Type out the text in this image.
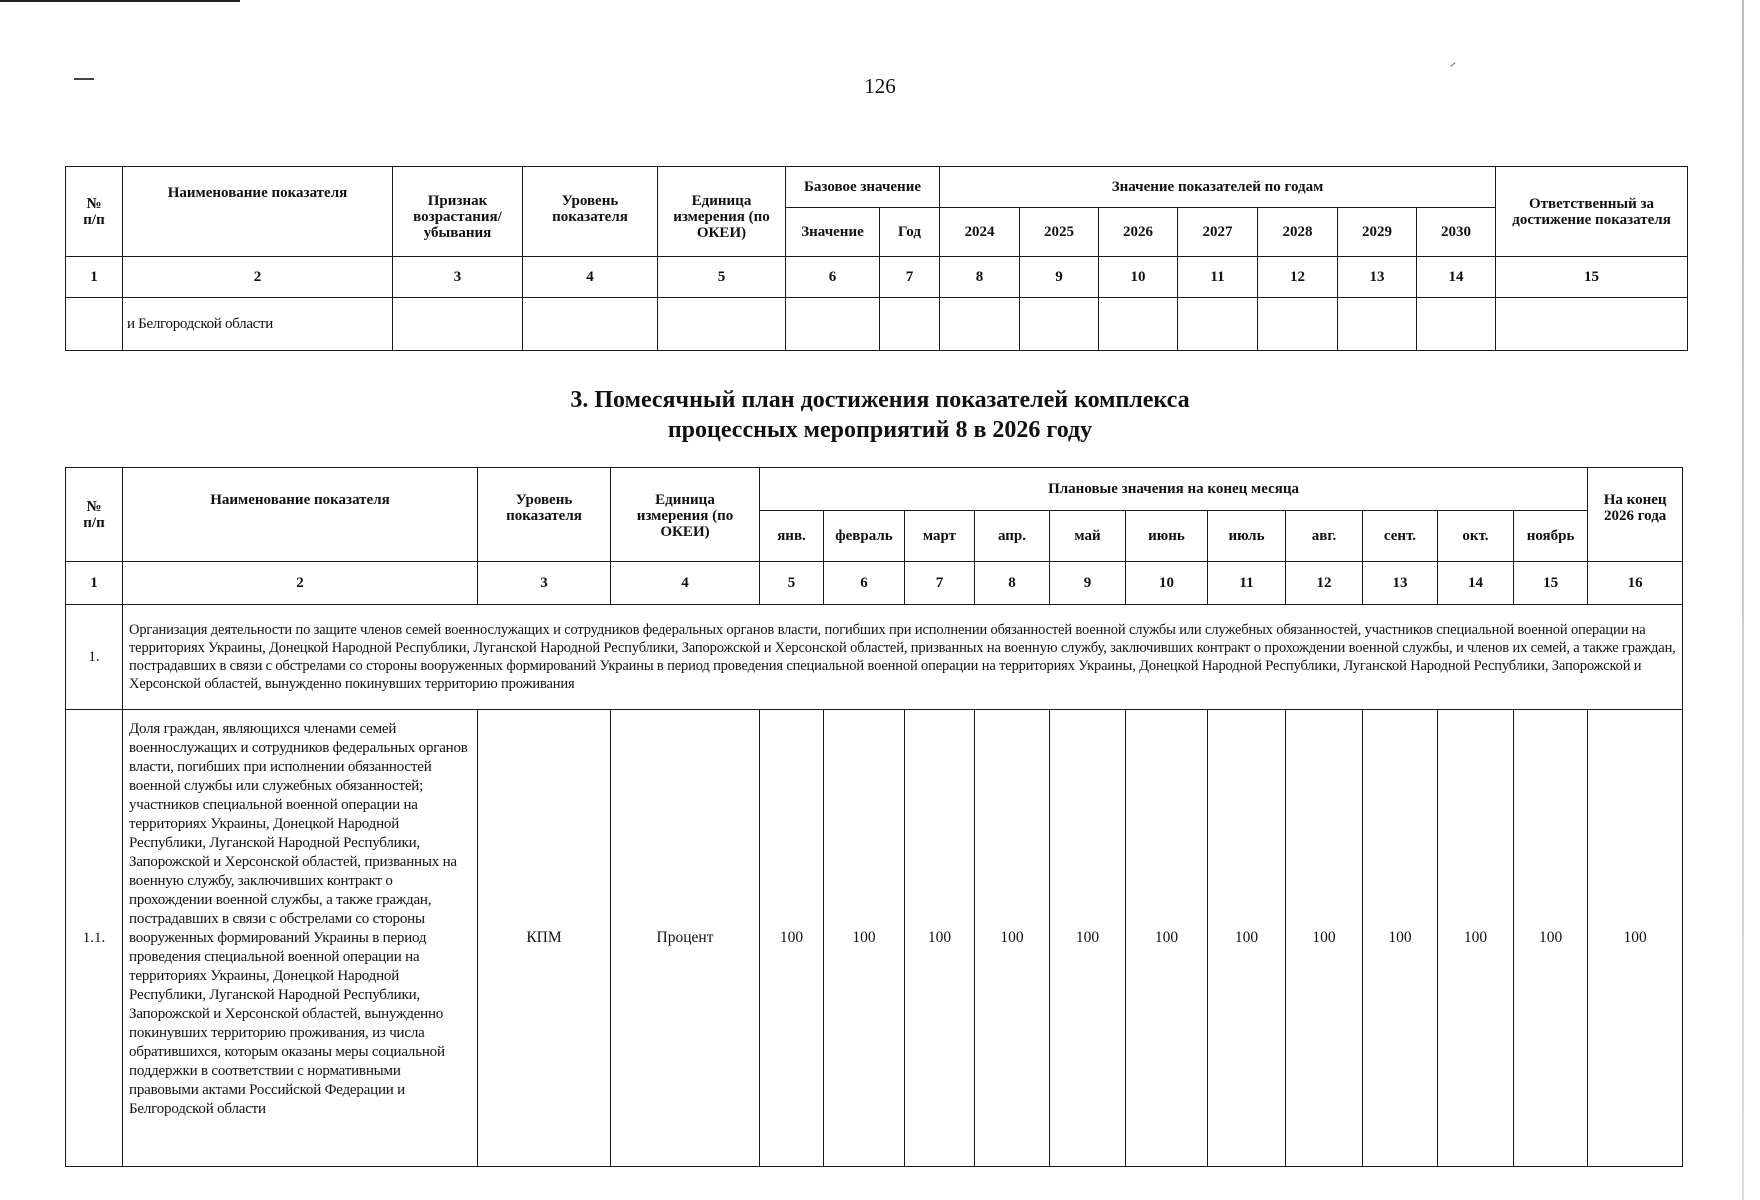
126
№
п/п	Наименование показателя	Признак возрастания/ убывания	Уровень показателя	Единица измерения (по ОКЕИ)	Базовое значение		Значение показателей по годам							Ответственный за достижение показателя
					Значение	Год	2024	2025	2026	2027	2028	2029	2030	
1	2	3	4	5	6	7	8	9	10	11	12	13	14	15
	и Белгородской области													
3. Помесячный план достижения показателей комплекса
процессных мероприятий 8 в 2026 году
№
п/п	Наименование показателя	Уровень показателя	Единица измерения (по ОКЕИ)	Плановые значения на конец месяца											На конец 2026 года
				янв.	февраль	март	апр.	май	июнь	июль	авг.	сент.	окт.	ноябрь	
1	2	3	4	5	6	7	8	9	10	11	12	13	14	15	16
1.	Организация деятельности по защите членов семей военнослужащих и сотрудников федеральных органов власти, погибших при исполнении обязанностей военной службы или служебных обязанностей, участников специальной военной операции на территориях Украины, Донецкой Народной Республики, Луганской Народной Республики, Запорожской и Херсонской областей, призванных на военную службу, заключивших контракт о прохождении военной службы, и членов их семей, а также граждан, пострадавших в связи с обстрелами со стороны вооруженных формирований Украины в период проведения специальной военной операции на территориях Украины, Донецкой Народной Республики, Луганской Народной Республики, Запорожской и Херсонской областей, вынужденно покинувших территорию проживания														
1.1.	Доля граждан, являющихся членами семей военнослужащих и сотрудников федеральных органов власти, погибших при исполнении обязанностей военной службы или служебных обязанностей; участников специальной военной операции на территориях Украины, Донецкой Народной Республики, Луганской Народной Республики, Запорожской и Херсонской областей, призванных на военную службу, заключивших контракт о прохождении военной службы, а также граждан, пострадавших в связи с обстрелами со стороны вооруженных формирований Украины в период проведения специальной военной операции на территориях Украины, Донецкой Народной Республики, Луганской Народной Республики, Запорожской и Херсонской областей, вынужденно покинувших территорию проживания, из числа обратившихся, которым оказаны меры социальной поддержки в соответствии с нормативными правовыми актами Российской Федерации и Белгородской области	КПМ	Процент	100	100	100	100	100	100	100	100	100	100	100	100
